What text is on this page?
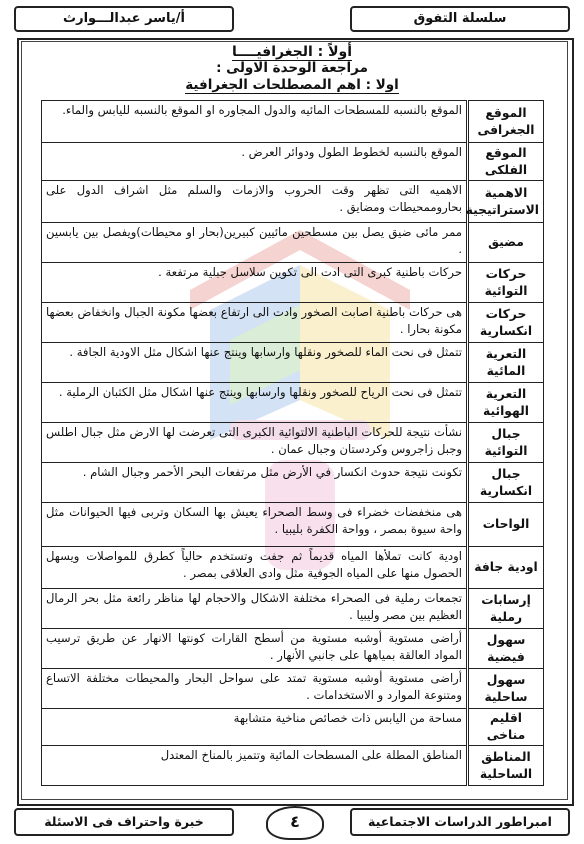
سلسلة التفوق
أ/ياسر عبدالـــوارث
أولاً : الجغرافيــــا
مراجعة الوحدة الاولى :
اولا : اهم المصطلحات الجغرافية
الموقع الجغرافى	الموقع بالنسبه للمسطحات المائيه والدول المجاوره او الموقع بالنسبه لليابس والماء.
الموقع الفلكى	الموقع بالنسبه لخطوط الطول ودوائر العرض .
الاهمية الاستراتيجية	الاهميه التى تظهر وقت الحروب والازمات والسلم مثل اشراف الدول على بحاروممحيطات ومضايق .
مضيق	ممر مائى ضيق يصل بين مسطحين مائيين كبيرين(بحار او محيطات)ويفصل بين يابسين .
حركات التوائية	حركات باطنية كبرى التى ادت الى تكوين سلاسل جبلية مرتفعة .
حركات انكسارية	هى حركات باطنية اصابت الصخور وادت الى ارتفاع بعضها مكونة الجبال وانخفاض بعضها مكونة بحارا .
التعرية المائية	تتمثل فى نحت الماء للصخور ونقلها وارسابها وينتج عنها اشكال مثل الاودية الجافة .
التعرية الهوائية	تتمثل فى نحت الرياح للصخور ونقلها وارسابها وينتج عنها اشكال مثل الكثبان الرملية .
جبال التوائية	نشأت نتيجة للحركات الباطنية الالتوائية الكبرى التى تعرضت لها الارض مثل جبال اطلس وجبل زاجروس وكردستان وجبال عمان .
جبال انكسارية	تكونت نتيجة حدوث انكسار في الأرض مثل مرتفعات البحر الأحمر وجبال الشام .
الواحات	هى منخفضات خضراء فى وسط الصحراء يعيش بها السكان وتربى فيها الحيوانات مثل واحة سيوة بمصر ، وواحة الكفرة بليبيا .
اودية جافة	اودية كانت تملأها المياه قديماً ثم جفت وتستخدم حالياً كطرق للمواصلات ويسهل الحصول منها على المياه الجوفية مثل وادى العلاقى بمصر .
إرسابات رملية	تجمعات رملية فى الصحراء مختلفة الاشكال والاحجام لها مناظر رائعة مثل بحر الرمال العظيم بين مصر وليبيا .
سهول فيضية	أراضى مستوية أوشبه مستوية من أسطح القارات كونتها الانهار عن طريق ترسيب المواد العالقة بمياهها على جانبي الأنهار .
سهول ساحلية	أراضى مستوية أوشبه مستوية تمتد على سواحل البحار والمحيطات مختلفة الاتساع ومتنوعة الموارد و الاستخدامات .
اقليم مناخى	مساحة من اليابس ذات خصائص مناخية متشابهة
المناطق الساحلية	المناطق المطلة على المسطحات المائية وتتميز بالمناخ المعتدل
امبراطور الدراسات الاجتماعية
خبرة واحتراف فى الاسئلة	٤
